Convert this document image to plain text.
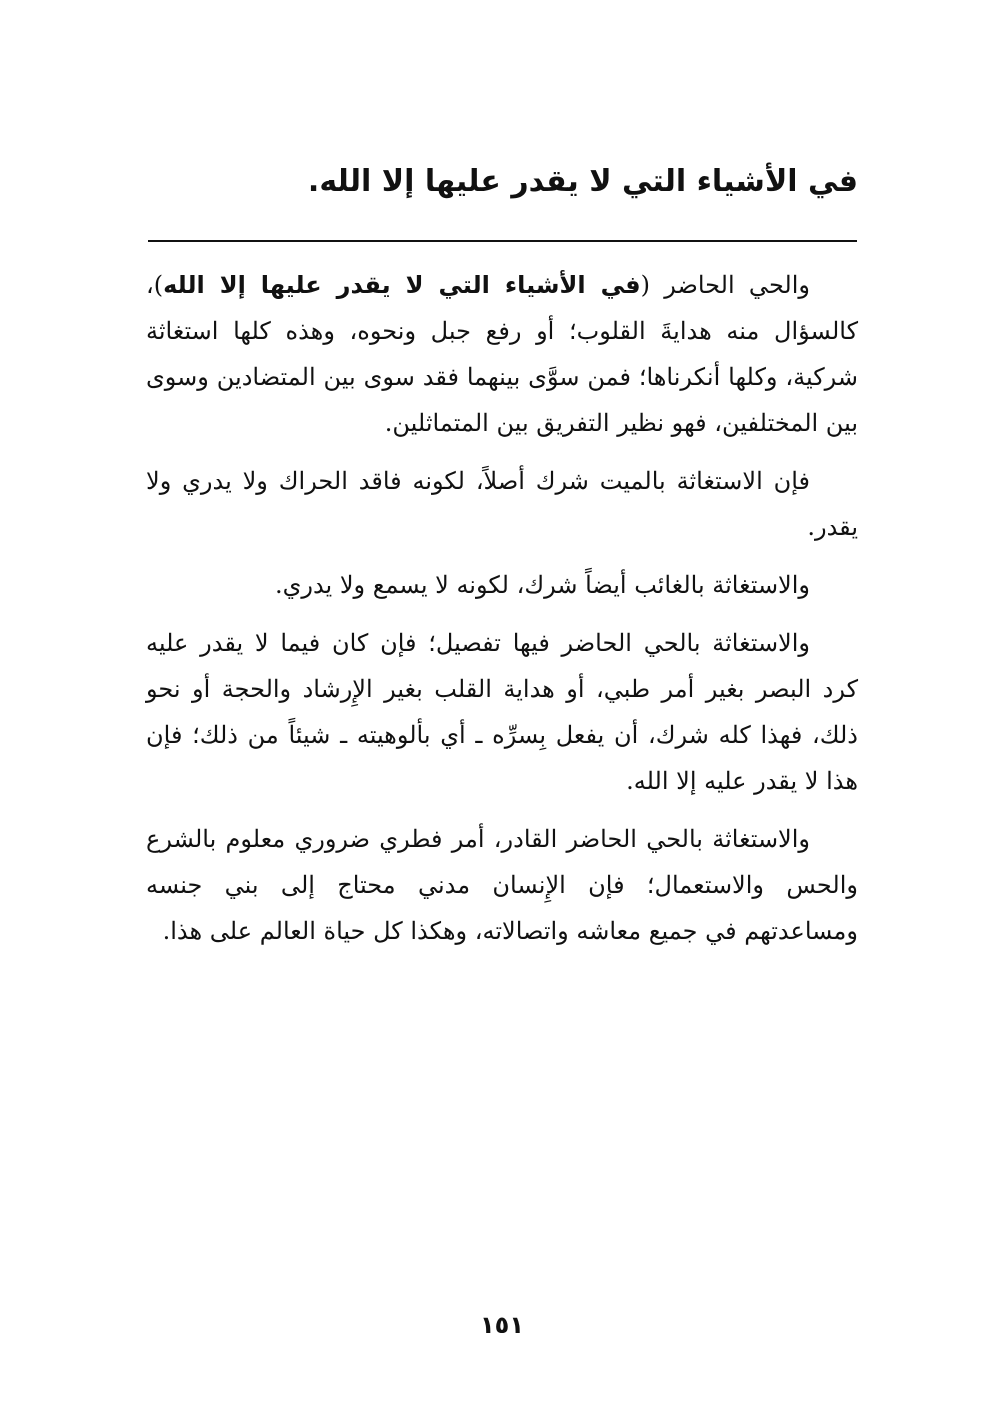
في الأشياء التي لا يقدر عليها إلا الله.

والحي الحاضر (في الأشياء التي لا يقدر عليها إلا الله)، كالسؤال منه هدايةَ القلوب؛ أو رفع جبل ونحوه، وهذه كلها استغاثة شركية، وكلها أنكرناها؛ فمن سوَّى بينهما فقد سوى بين المتضادين وسوى بين المختلفين، فهو نظير التفريق بين المتماثلين.

فإن الاستغاثة بالميت شرك أصلاً، لكونه فاقد الحراك ولا يدري ولا يقدر.

والاستغاثة بالغائب أيضاً شرك، لكونه لا يسمع ولا يدري.

والاستغاثة بالحي الحاضر فيها تفصيل؛ فإن كان فيما لا يقدر عليه كرد البصر بغير أمر طبي، أو هداية القلب بغير الإِرشاد والحجة أو نحو ذلك، فهذا كله شرك، أن يفعل بِسرِّه ـ أي بألوهيته ـ شيئاً من ذلك؛ فإن هذا لا يقدر عليه إلا الله.

والاستغاثة بالحي الحاضر القادر، أمر فطري ضروري معلوم بالشرع والحس والاستعمال؛ فإن الإِنسان مدني محتاج إلى بني جنسه ومساعدتهم في جميع معاشه واتصالاته، وهكذا كل حياة العالم على هذا.

١٥١
